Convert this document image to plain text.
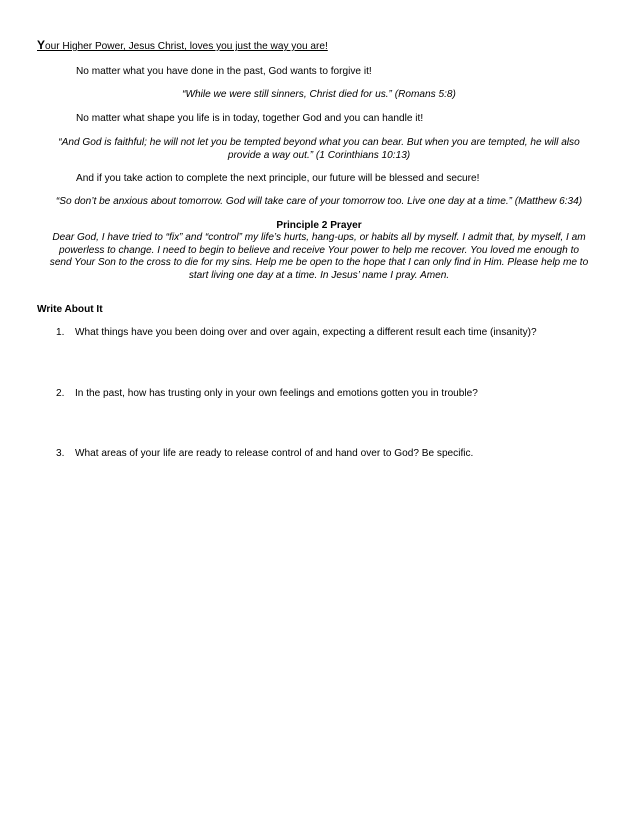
Your Higher Power, Jesus Christ, loves you just the way you are!
No matter what you have done in the past, God wants to forgive it!
“While we were still sinners, Christ died for us.” (Romans 5:8)
No matter what shape you life is in today, together God and you can handle it!
“And God is faithful; he will not let you be tempted beyond what you can bear. But when you are tempted, he will also
provide a way out.” (1 Corinthians 10:13)
And if you take action to complete the next principle, our future will be blessed and secure!
“So don’t be anxious about tomorrow. God will take care of your tomorrow too. Live one day at a time.” (Matthew 6:34)
Principle 2 Prayer
Dear God, I have tried to “fix” and “control” my life’s hurts, hang-ups, or habits all by myself. I admit that, by myself, I am
powerless to change. I need to begin to believe and receive Your power to help me recover. You loved me enough to
send Your Son to the cross to die for my sins. Help me be open to the hope that I can only find in Him. Please help me to
start living one day at a time. In Jesus’ name I pray. Amen.
Write About It
1. What things have you been doing over and over again, expecting a different result each time (insanity)?
2. In the past, how has trusting only in your own feelings and emotions gotten you in trouble?
3. What areas of your life are ready to release control of and hand over to God? Be specific.
